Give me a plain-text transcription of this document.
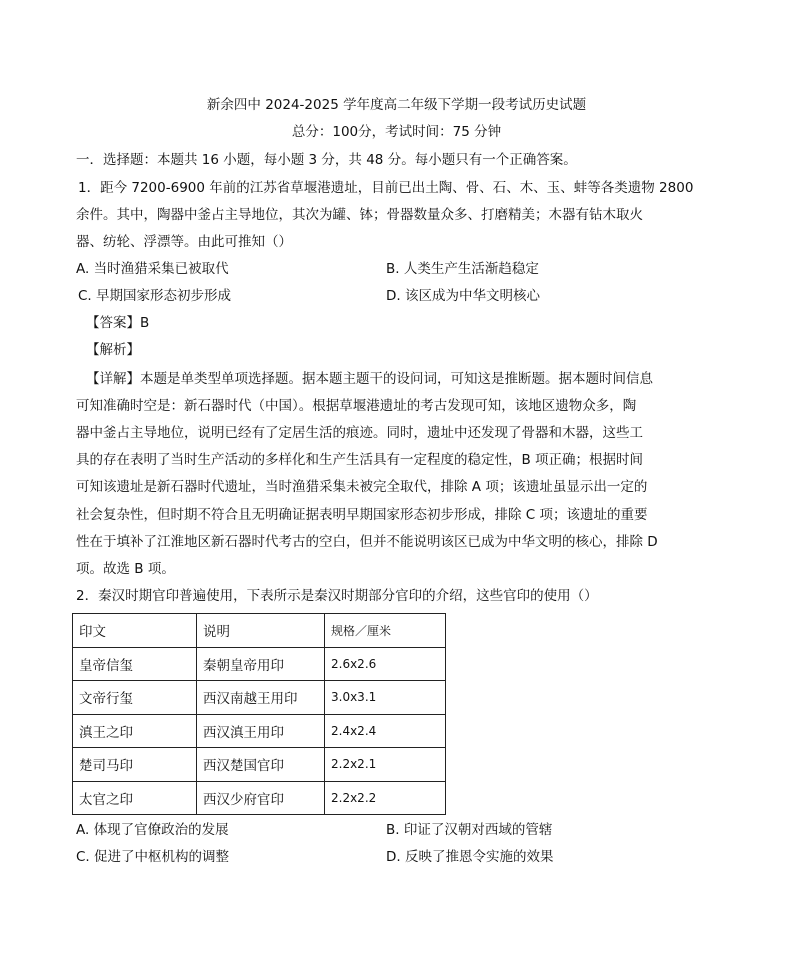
新余四中 2024-2025 学年度高二年级下学期一段考试历史试题
总分：100分，考试时间：75 分钟
一．选择题：本题共 16 小题，每小题 3 分，共 48 分。每小题只有一个正确答案。
1．距今 7200-6900 年前的江苏省草堰港遗址，目前已出土陶、骨、石、木、玉、蚌等各类遗物 2800
余件。其中，陶器中釜占主导地位，其次为罐、钵；骨器数量众多、打磨精美；木器有钻木取火
器、纺轮、浮漂等。由此可推知（）
A. 当时渔猎采集已被取代	B. 人类生产生活渐趋稳定
C. 早期国家形态初步形成	D. 该区成为中华文明核心
【答案】B
【解析】
【详解】本题是单类型单项选择题。据本题主题干的设问词，可知这是推断题。据本题时间信息
可知准确时空是：新石器时代（中国）。根据草堰港遗址的考古发现可知，该地区遗物众多，陶
器中釜占主导地位，说明已经有了定居生活的痕迹。同时，遗址中还发现了骨器和木器，这些工
具的存在表明了当时生产活动的多样化和生产生活具有一定程度的稳定性，B 项正确；根据时间
可知该遗址是新石器时代遗址，当时渔猎采集未被完全取代，排除 A 项；该遗址虽显示出一定的
社会复杂性，但时期不符合且无明确证据表明早期国家形态初步形成，排除 C 项；该遗址的重要
性在于填补了江淮地区新石器时代考古的空白，但并不能说明该区已成为中华文明的核心，排除 D
项。故选 B 项。
2．秦汉时期官印普遍使用，下表所示是秦汉时期部分官印的介绍，这些官印的使用（）
印文	说明	规格／厘米
皇帝信玺	秦朝皇帝用印	2.6x2.6
文帝行玺	西汉南越王用印	3.0x3.1
滇王之印	西汉滇王用印	2.4x2.4
楚司马印	西汉楚国官印	2.2x2.1
太官之印	西汉少府官印	2.2x2.2
A. 体现了官僚政治的发展	B. 印证了汉朝对西域的管辖
C. 促进了中枢机构的调整	D. 反映了推恩令实施的效果
